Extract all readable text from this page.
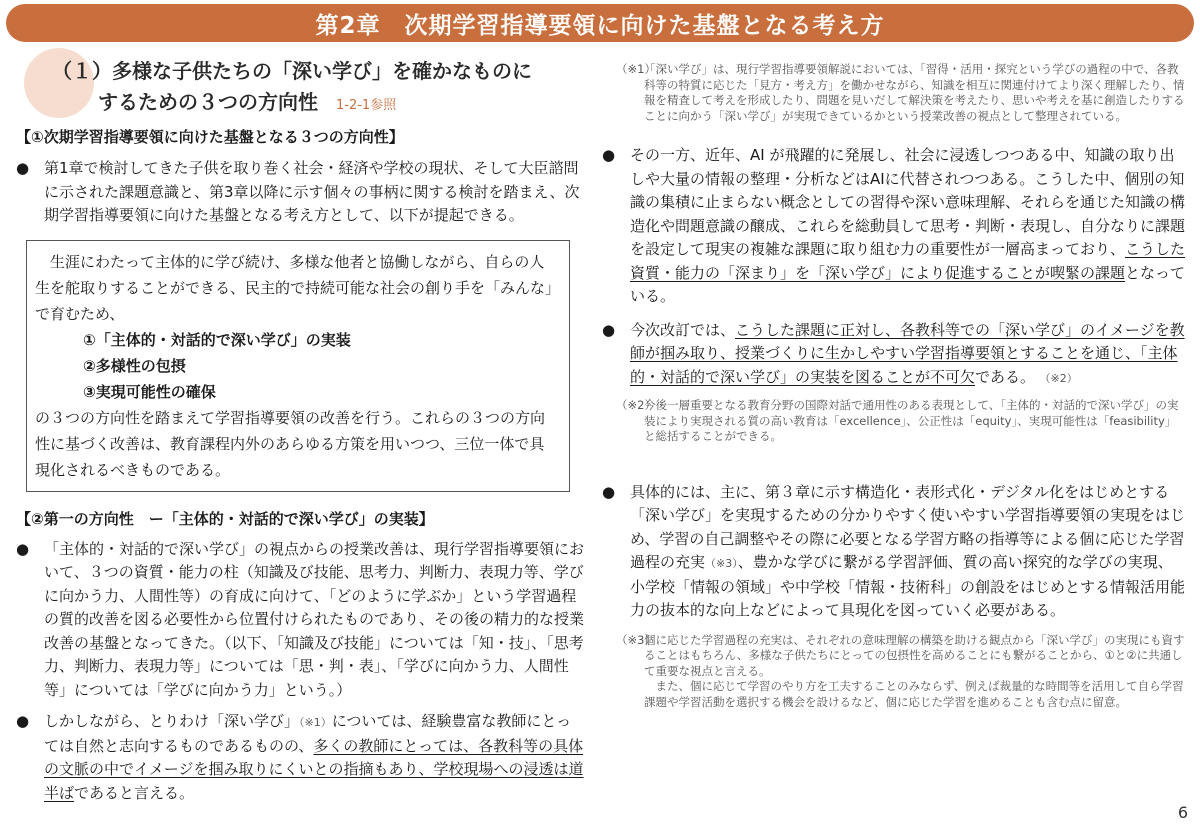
第2章　次期学習指導要領に向けた基盤となる考え方
（１）多様な子供たちの「深い学び」を確かなものに
するための３つの方向性 1-2-1参照
【①次期学習指導要領に向けた基盤となる３つの方向性】
● 第1章で検討してきた子供を取り巻く社会・経済や学校の現状、そして大臣諮問に示された課題意識と、第3章以降に示す個々の事柄に関する検討を踏まえ、次期学習指導要領に向けた基盤となる考え方として、以下が提起できる。
生涯にわたって主体的に学び続け、多様な他者と協働しながら、自らの人生を舵取りすることができる、民主的で持続可能な社会の創り手を「みんな」で育むため、
①「主体的・対話的で深い学び」の実装
②多様性の包摂
③実現可能性の確保
の３つの方向性を踏まえて学習指導要領の改善を行う。これらの３つの方向性に基づく改善は、教育課程内外のあらゆる方策を用いつつ、三位一体で具現化されるべきものである。
【②第一の方向性　ー「主体的・対話的で深い学び」の実装】
● 「主体的・対話的で深い学び」の視点からの授業改善は、現行学習指導要領において、３つの資質・能力の柱（知識及び技能、思考力、判断力、表現力等、学びに向かう力、人間性等）の育成に向けて、「どのように学ぶか」という学習過程の質的改善を図る必要性から位置付けられたものであり、その後の精力的な授業改善の基盤となってきた。（以下、「知識及び技能」については「知・技」、「思考力、判断力、表現力等」については「思・判・表」、「学びに向かう力、人間性等」については「学びに向かう力」という。）
● しかしながら、とりわけ「深い学び」（※1）については、経験豊富な教師にとっては自然と志向するものであるものの、多くの教師にとっては、各教科等の具体の文脈の中でイメージを掴み取りにくいとの指摘もあり、学校現場への浸透は道半ばであると言える。
（※1）
「深い学び」は、現行学習指導要領解説においては、「習得・活用・探究という学びの過程の中で、各教科等の特質に応じた「見方・考え方」を働かせながら、知識を相互に関連付けてより深く理解したり、情報を精査して考えを形成したり、問題を見いだして解決策を考えたり、思いや考えを基に創造したりすることに向かう「深い学び」が実現できているかという授業改善の視点として整理されている。
● その一方、近年、AI が飛躍的に発展し、社会に浸透しつつある中、知識の取り出しや大量の情報の整理・分析などはAIに代替されつつある。こうした中、個別の知識の集積に止まらない概念としての習得や深い意味理解、それらを通じた知識の構造化や問題意識の醸成、これらを総動員して思考・判断・表現し、自分なりに課題を設定して現実の複雑な課題に取り組む力の重要性が一層高まっており、こうした資質・能力の「深まり」を「深い学び」により促進することが喫緊の課題となっている。
● 今次改訂では、こうした課題に正対し、各教科等での「深い学び」のイメージを教師が掴み取り、授業づくりに生かしやすい学習指導要領とすることを通じ、「主体的・対話的で深い学び」の実装を図ることが不可欠である。 （※2）
（※2）
今後一層重要となる教育分野の国際対話で通用性のある表現として、「主体的・対話的で深い学び」の実装により実現される質の高い教育は「excellence」、公正性は「equity」、実現可能性は「feasibility」と総括することができる。
● 具体的には、主に、第３章に示す構造化・表形式化・デジタル化をはじめとする「深い学び」を実現するための分かりやすく使いやすい学習指導要領の実現をはじめ、学習の自己調整やその際に必要となる学習方略の指導等による個に応じた学習過程の充実（※3）、豊かな学びに繋がる学習評価、質の高い探究的な学びの実現、小学校「情報の領域」や中学校「情報・技術科」の創設をはじめとする情報活用能力の抜本的な向上などによって具現化を図っていく必要がある。
（※3）
個に応じた学習過程の充実は、それぞれの意味理解の構築を助ける観点から「深い学び」の実現にも資することはもちろん、多様な子供たちにとっての包摂性を高めることにも繋がることから、①と②に共通して重要な視点と言える。
また、個に応じて学習のやり方を工夫することのみならず、例えば裁量的な時間等を活用して自ら学習課題や学習活動を選択する機会を設けるなど、個に応じた学習を進めることも含む点に留意。
6
